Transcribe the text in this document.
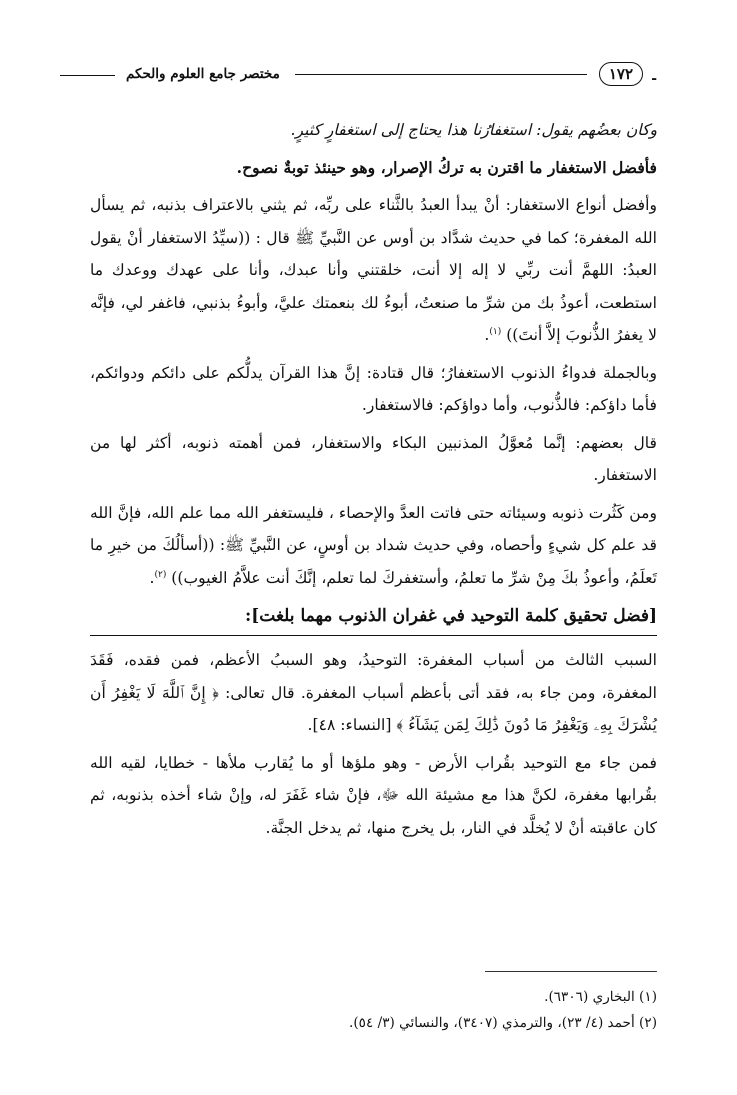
-
١٧٢
مختصر جامع العلوم والحكم

وكان بعضُهم يقول: استغفارُنا هذا يحتاج إلى استغفارٍ كثيرٍ.

فأفضل الاستغفار ما اقترن به تركُ الإصرار، وهو حينئذ توبةٌ نصوح.

وأفضل أنواع الاستغفار: أنْ يبدأ العبدُ بالثَّناء على ربِّه، ثم يثني بالاعتراف بذنبه، ثم يسأل الله المغفرة؛ كما في حديث شدَّاد بن أوس عن النَّبيِّ ﷺ قال : ((سيِّدُ الاستغفار أنْ يقول العبدُ: اللهمَّ أنت ربِّي لا إله إلا أنت، خلقتني وأنا عبدك، وأنا على عهدك ووعدك ما استطعت، أعوذُ بك من شرِّ ما صنعتُ، أبوءُ لك بنعمتك عليَّ، وأبوءُ بذنبي، فاغفر لي، فإنَّه لا يغفرُ الذُّنوبَ إلاَّ أنتَ)) $^{(١)}$.

وبالجملة فدواءُ الذنوب الاستغفارُ؛ قال قتادة: إنَّ هذا القرآن يدلُّكم على دائكم ودوائكم، فأما داؤكم: فالذُّنوب، وأما دواؤكم: فالاستغفار.

قال بعضهم: إنَّما مُعوَّلُ المذنبين البكاء والاستغفار، فمن أهمته ذنوبه، أكثر لها من الاستغفار.

ومن كَثُرت ذنوبه وسيئاته حتى فاتت العدَّ والإحصاء ، فليستغفر الله مما علم الله، فإنَّ الله قد علم كل شيءٍ وأحصاه، وفي حديث شداد بن أوسٍ، عن النَّبيِّ ﷺ: ((أسألُكَ من خيرِ ما تَعلَمُ، وأعوذُ بكَ مِنْ شرِّ ما تعلمُ، وأستغفركَ لما تعلم، إنَّكَ أنت علاَّمُ الغيوب)) $^{(٢)}$.

[فضل تحقيق كلمة التوحيد في غفران الذنوب مهما بلغت]:

السبب الثالث من أسباب المغفرة: التوحيدُ، وهو السببُ الأعظم، فمن فقده، فَقَدَ المغفرة، ومن جاء به، فقد أتى بأعظم أسباب المغفرة. قال تعالى: ﴿ إِنَّ ٱللَّهَ لَا يَغْفِرُ أَن يُشْرَكَ بِهِۦ وَيَغْفِرُ مَا دُونَ ذَٰلِكَ لِمَن يَشَآءُ ﴾ [النساء: ٤٨].

فمن جاء مع التوحيد بقُراب الأرض - وهو ملؤها أو ما يُقارب ملأها - خطايا، لقيه الله بقُرابها مغفرة، لكنَّ هذا مع مشيئة الله ﷻ، فإنْ شاء غَفَرَ له، وإنْ شاء أخذه بذنوبه، ثم كان عاقبته أنْ لا يُخلَّد في النار، بل يخرج منها، ثم يدخل الجنَّة.

(١) البخاري (٦٣٠٦).
(٢) أحمد (٤/ ٢٣)، والترمذي (٣٤٠٧)، والنسائي (٣/ ٥٤).
